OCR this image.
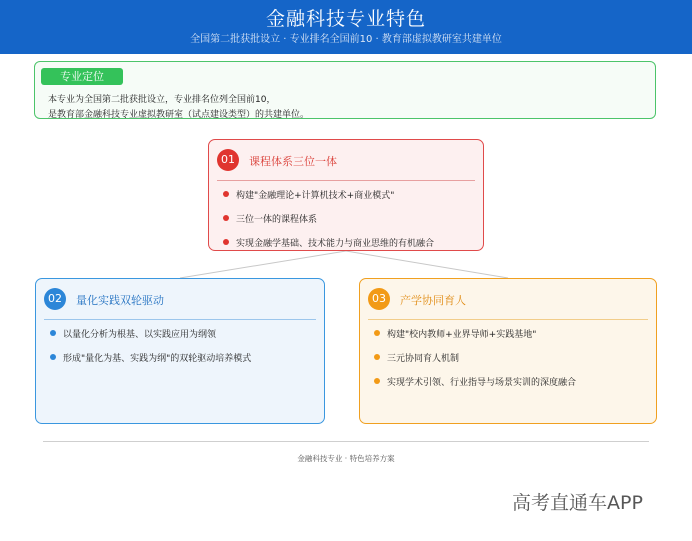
金融科技专业特色
全国第二批获批设立 · 专业排名全国前10 · 教育部虚拟教研室共建单位
专业定位
本专业为全国第二批获批设立，专业排名位列全国前10，
是教育部金融科技专业虚拟教研室（试点建设类型）的共建单位。
01	课程体系三位一体
构建"金融理论+计算机技术+商业模式"
三位一体的课程体系
实现金融学基础、技术能力与商业思维的有机融合
02	量化实践双轮驱动
以量化分析为根基、以实践应用为纲领
形成"量化为基、实践为纲"的双轮驱动培养模式
03	产学协同育人
构建"校内教师+业界导师+实践基地"
三元协同育人机制
实现学术引领、行业指导与场景实训的深度融合
金融科技专业 · 特色培养方案
高考直通车APP
